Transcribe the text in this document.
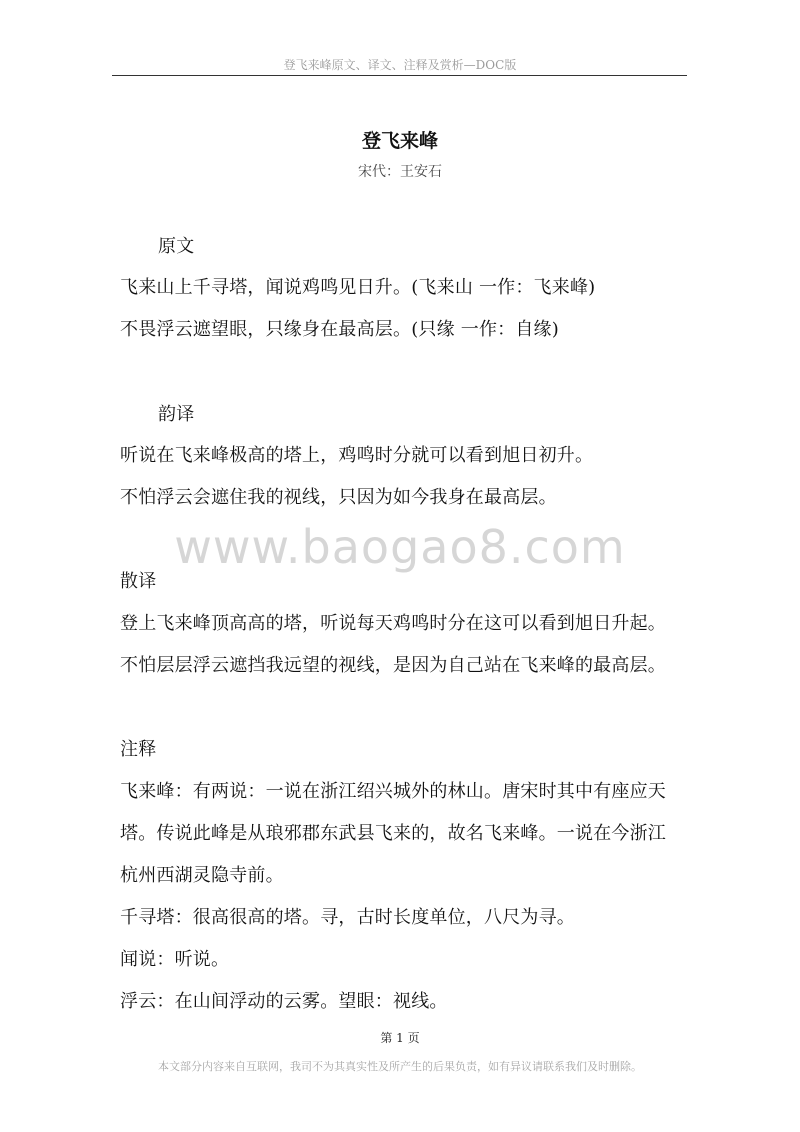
登飞来峰原文、译文、注释及赏析—DOC版
登飞来峰
宋代：王安石
原文
飞来山上千寻塔，闻说鸡鸣见日升。(飞来山 一作：飞来峰)
不畏浮云遮望眼，只缘身在最高层。(只缘 一作：自缘)
韵译
听说在飞来峰极高的塔上，鸡鸣时分就可以看到旭日初升。
不怕浮云会遮住我的视线，只因为如今我身在最高层。
www.baogao8.com
散译
登上飞来峰顶高高的塔，听说每天鸡鸣时分在这可以看到旭日升起。
不怕层层浮云遮挡我远望的视线，是因为自己站在飞来峰的最高层。
注释
飞来峰：有两说：一说在浙江绍兴城外的林山。唐宋时其中有座应天
塔。传说此峰是从琅邪郡东武县飞来的，故名飞来峰。一说在今浙江
杭州西湖灵隐寺前。
千寻塔：很高很高的塔。寻，古时长度单位，八尺为寻。
闻说：听说。
浮云：在山间浮动的云雾。望眼：视线。
第 1 页
本文部分内容来自互联网，我司不为其真实性及所产生的后果负责，如有异议请联系我们及时删除。
